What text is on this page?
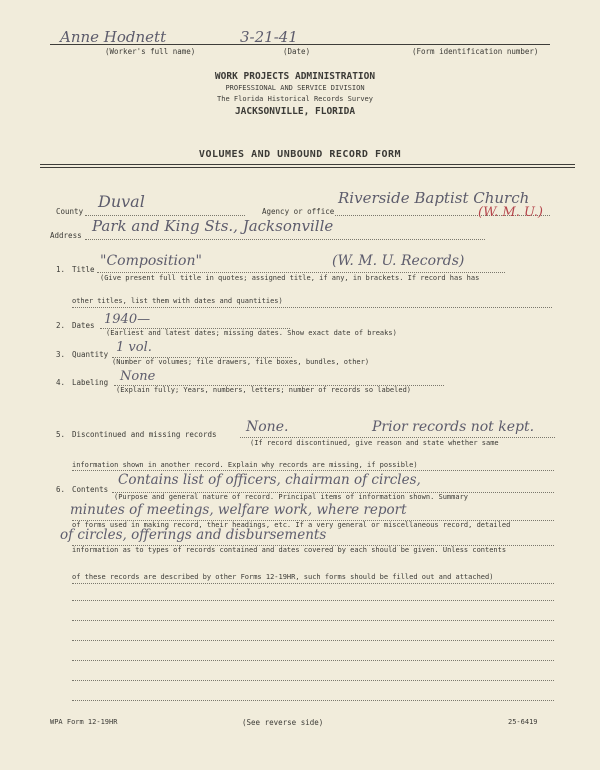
Anne Hodnett	3-21-41
(Worker's full name)	(Date)	(Form identification number)
WORK PROJECTS ADMINISTRATION
PROFESSIONAL AND SERVICE DIVISION
The Florida Historical Records Survey
JACKSONVILLE, FLORIDA
VOLUMES AND UNBOUND RECORD FORM
County
Duval
Agency or office
Riverside Baptist Church
(W. M. U.)
Address
Park and King Sts., Jacksonville
1. Title
"Composition"	(W. M. U. Records)
(Give present full title in quotes; assigned title, if any, in brackets. If record has has
other titles, list them with dates and quantities)
2. Dates 1940—
(Earliest and latest dates; missing dates. Show exact date of breaks)
3. Quantity 1 vol.
(Number of volumes; file drawers, file boxes, bundles, other)
4. Labeling None
(Explain fully; Years, numbers, letters; number of records so labeled)
5. Discontinued and missing records None.	Prior records not kept.
(If record discontinued, give reason and state whether same
information shown in another record. Explain why records are missing, if possible)
6. Contents
Contains list of officers, chairman of circles,
(Purpose and general nature of record. Principal items of information shown. Summary
minutes of meetings, welfare work, where report
of forms used in making record, their headings, etc. If a very general or miscellaneous record, detailed
of circles, offerings and disbursements
information as to types of records contained and dates covered by each should be given. Unless contents
of these records are described by other Forms 12-19HR, such forms should be filled out and attached)
WPA Form 12-19HR	(See reverse side)	25-6419
